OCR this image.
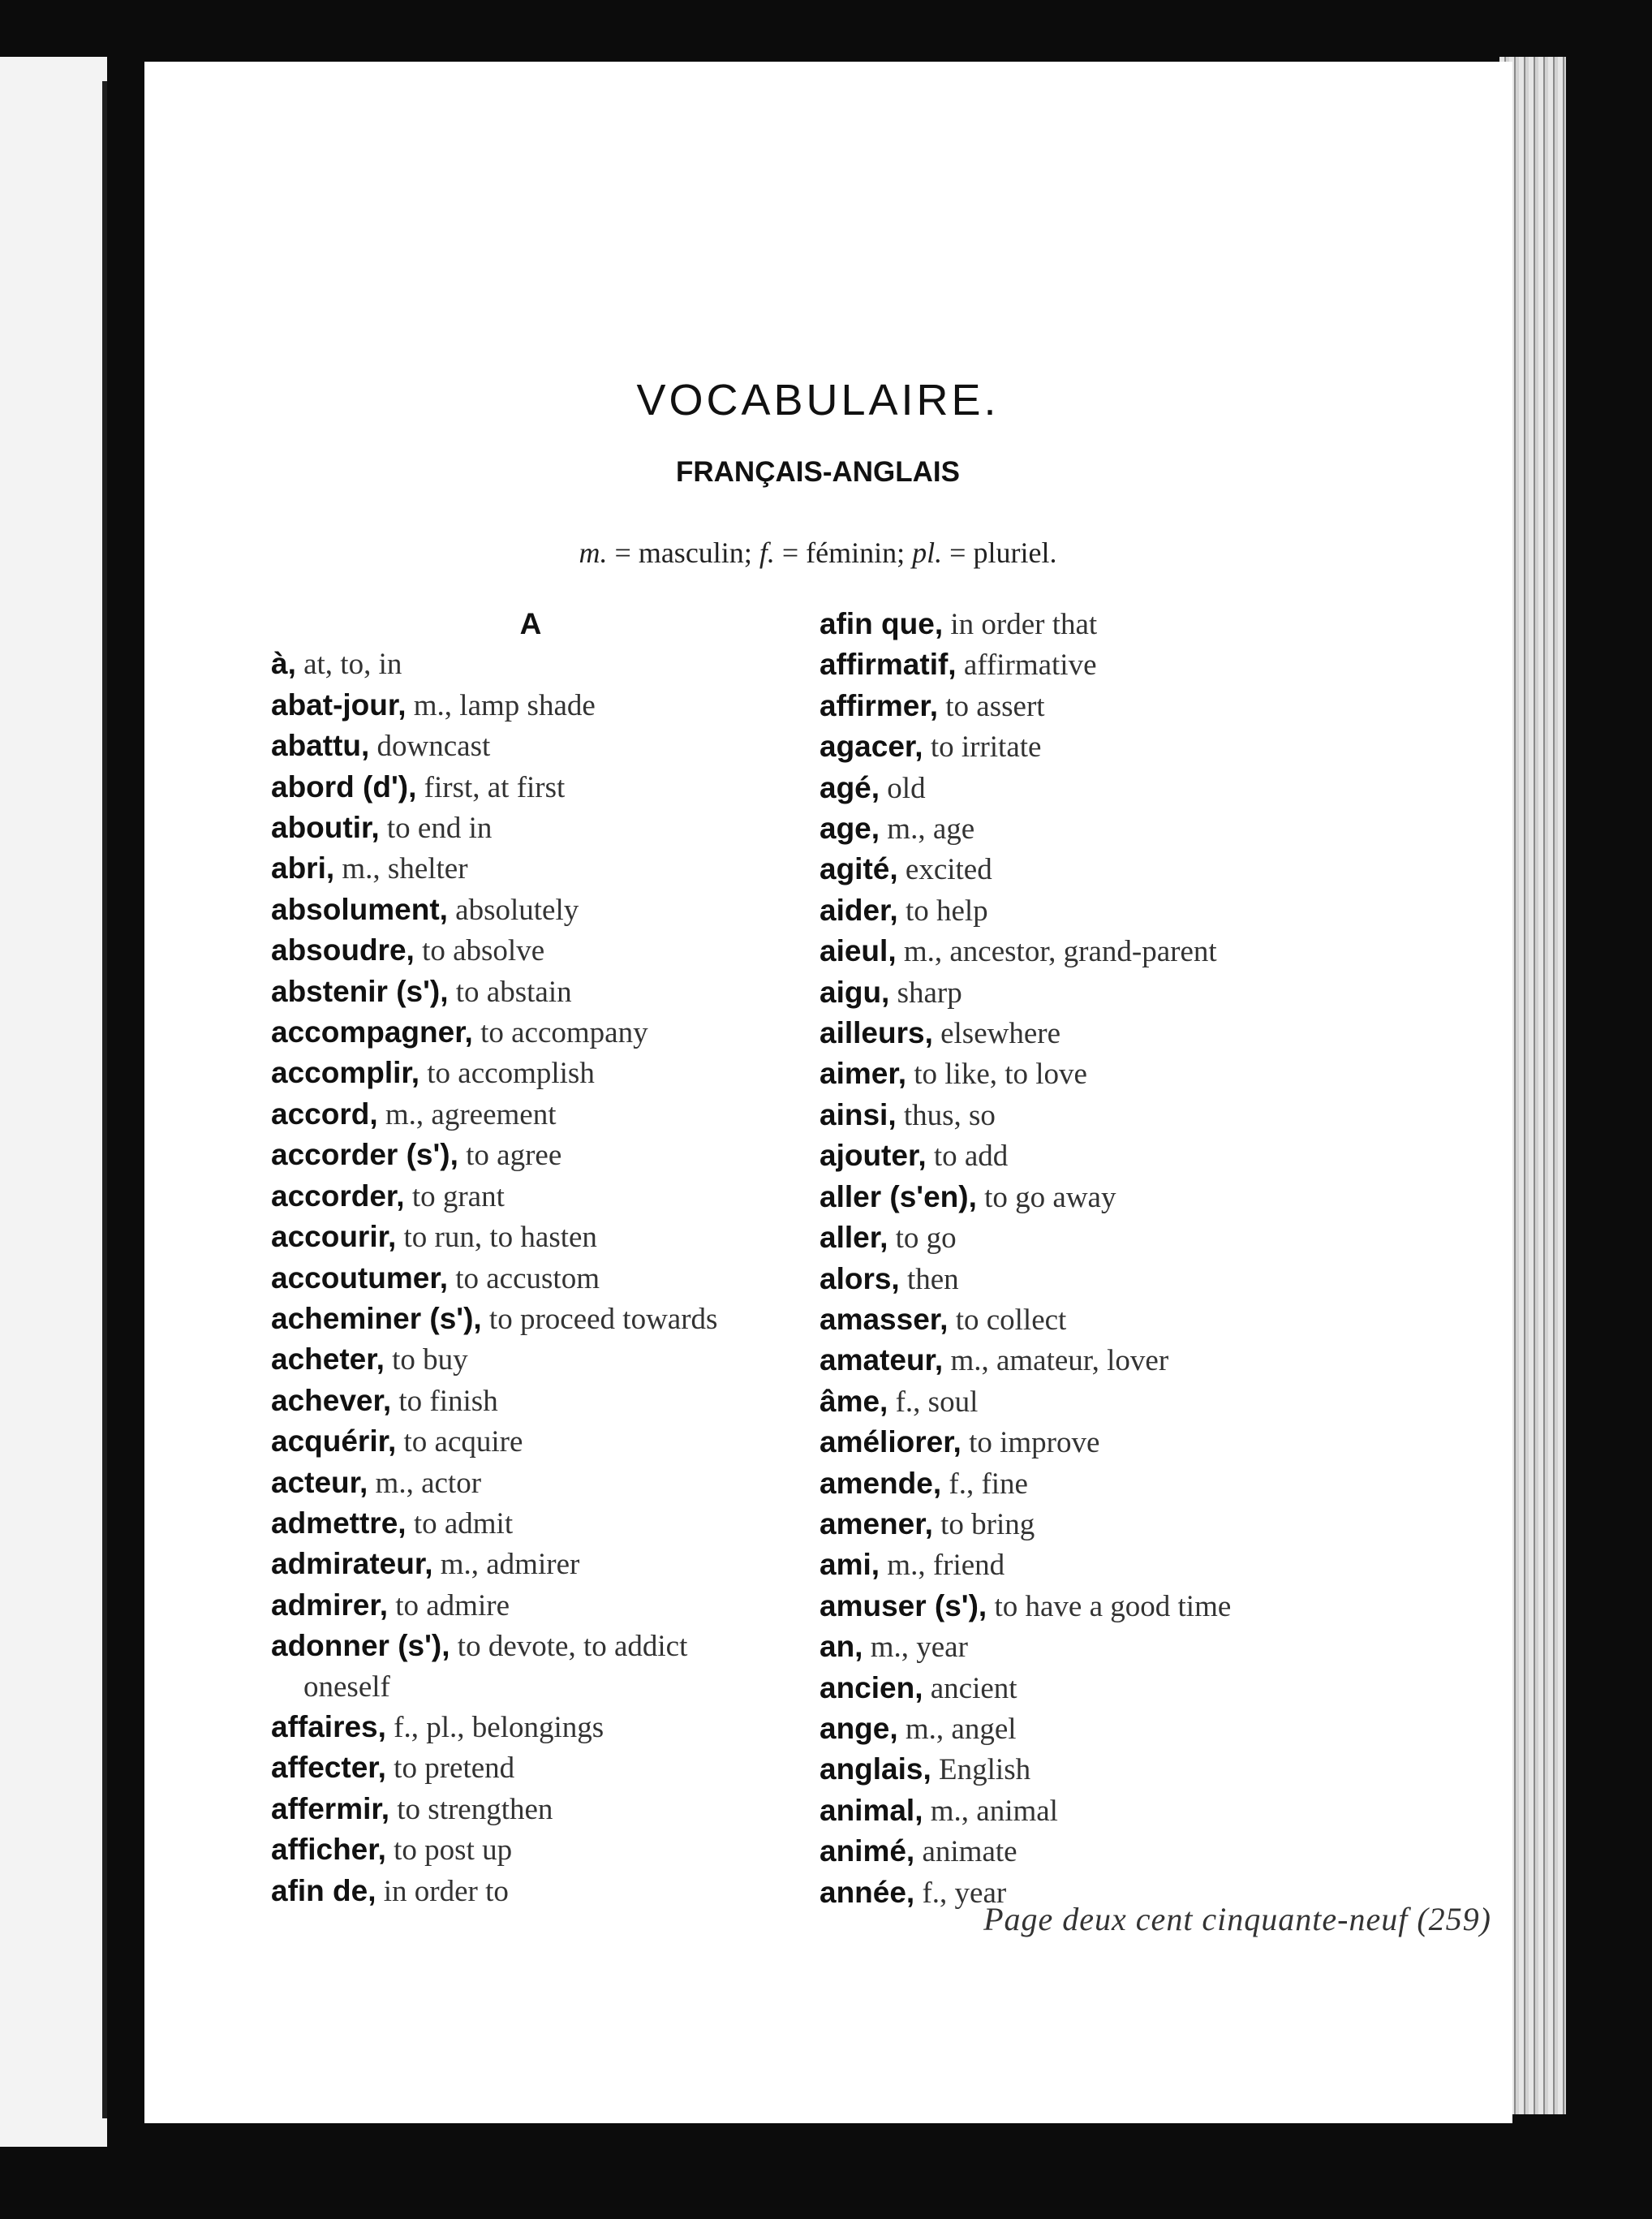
VOCABULAIRE.
FRANÇAIS-ANGLAIS
m. = masculin; f. = féminin; pl. = pluriel.
A
à, at, to, in
abat-jour, m., lamp shade
abattu, downcast
abord (d'), first, at first
aboutir, to end in
abri, m., shelter
absolument, absolutely
absoudre, to absolve
abstenir (s'), to abstain
accompagner, to accompany
accomplir, to accomplish
accord, m., agreement
accorder (s'), to agree
accorder, to grant
accourir, to run, to hasten
accoutumer, to accustom
acheminer (s'), to proceed towards
acheter, to buy
achever, to finish
acquérir, to acquire
acteur, m., actor
admettre, to admit
admirateur, m., admirer
admirer, to admire
adonner (s'), to devote, to addict
oneself
affaires, f., pl., belongings
affecter, to pretend
affermir, to strengthen
afficher, to post up
afin de, in order to
afin que, in order that
affirmatif, affirmative
affirmer, to assert
agacer, to irritate
agé, old
age, m., age
agité, excited
aider, to help
aieul, m., ancestor, grand-parent
aigu, sharp
ailleurs, elsewhere
aimer, to like, to love
ainsi, thus, so
ajouter, to add
aller (s'en), to go away
aller, to go
alors, then
amasser, to collect
amateur, m., amateur, lover
âme, f., soul
améliorer, to improve
amende, f., fine
amener, to bring
ami, m., friend
amuser (s'), to have a good time
an, m., year
ancien, ancient
ange, m., angel
anglais, English
animal, m., animal
animé, animate
année, f., year
Page deux cent cinquante-neuf (259)
